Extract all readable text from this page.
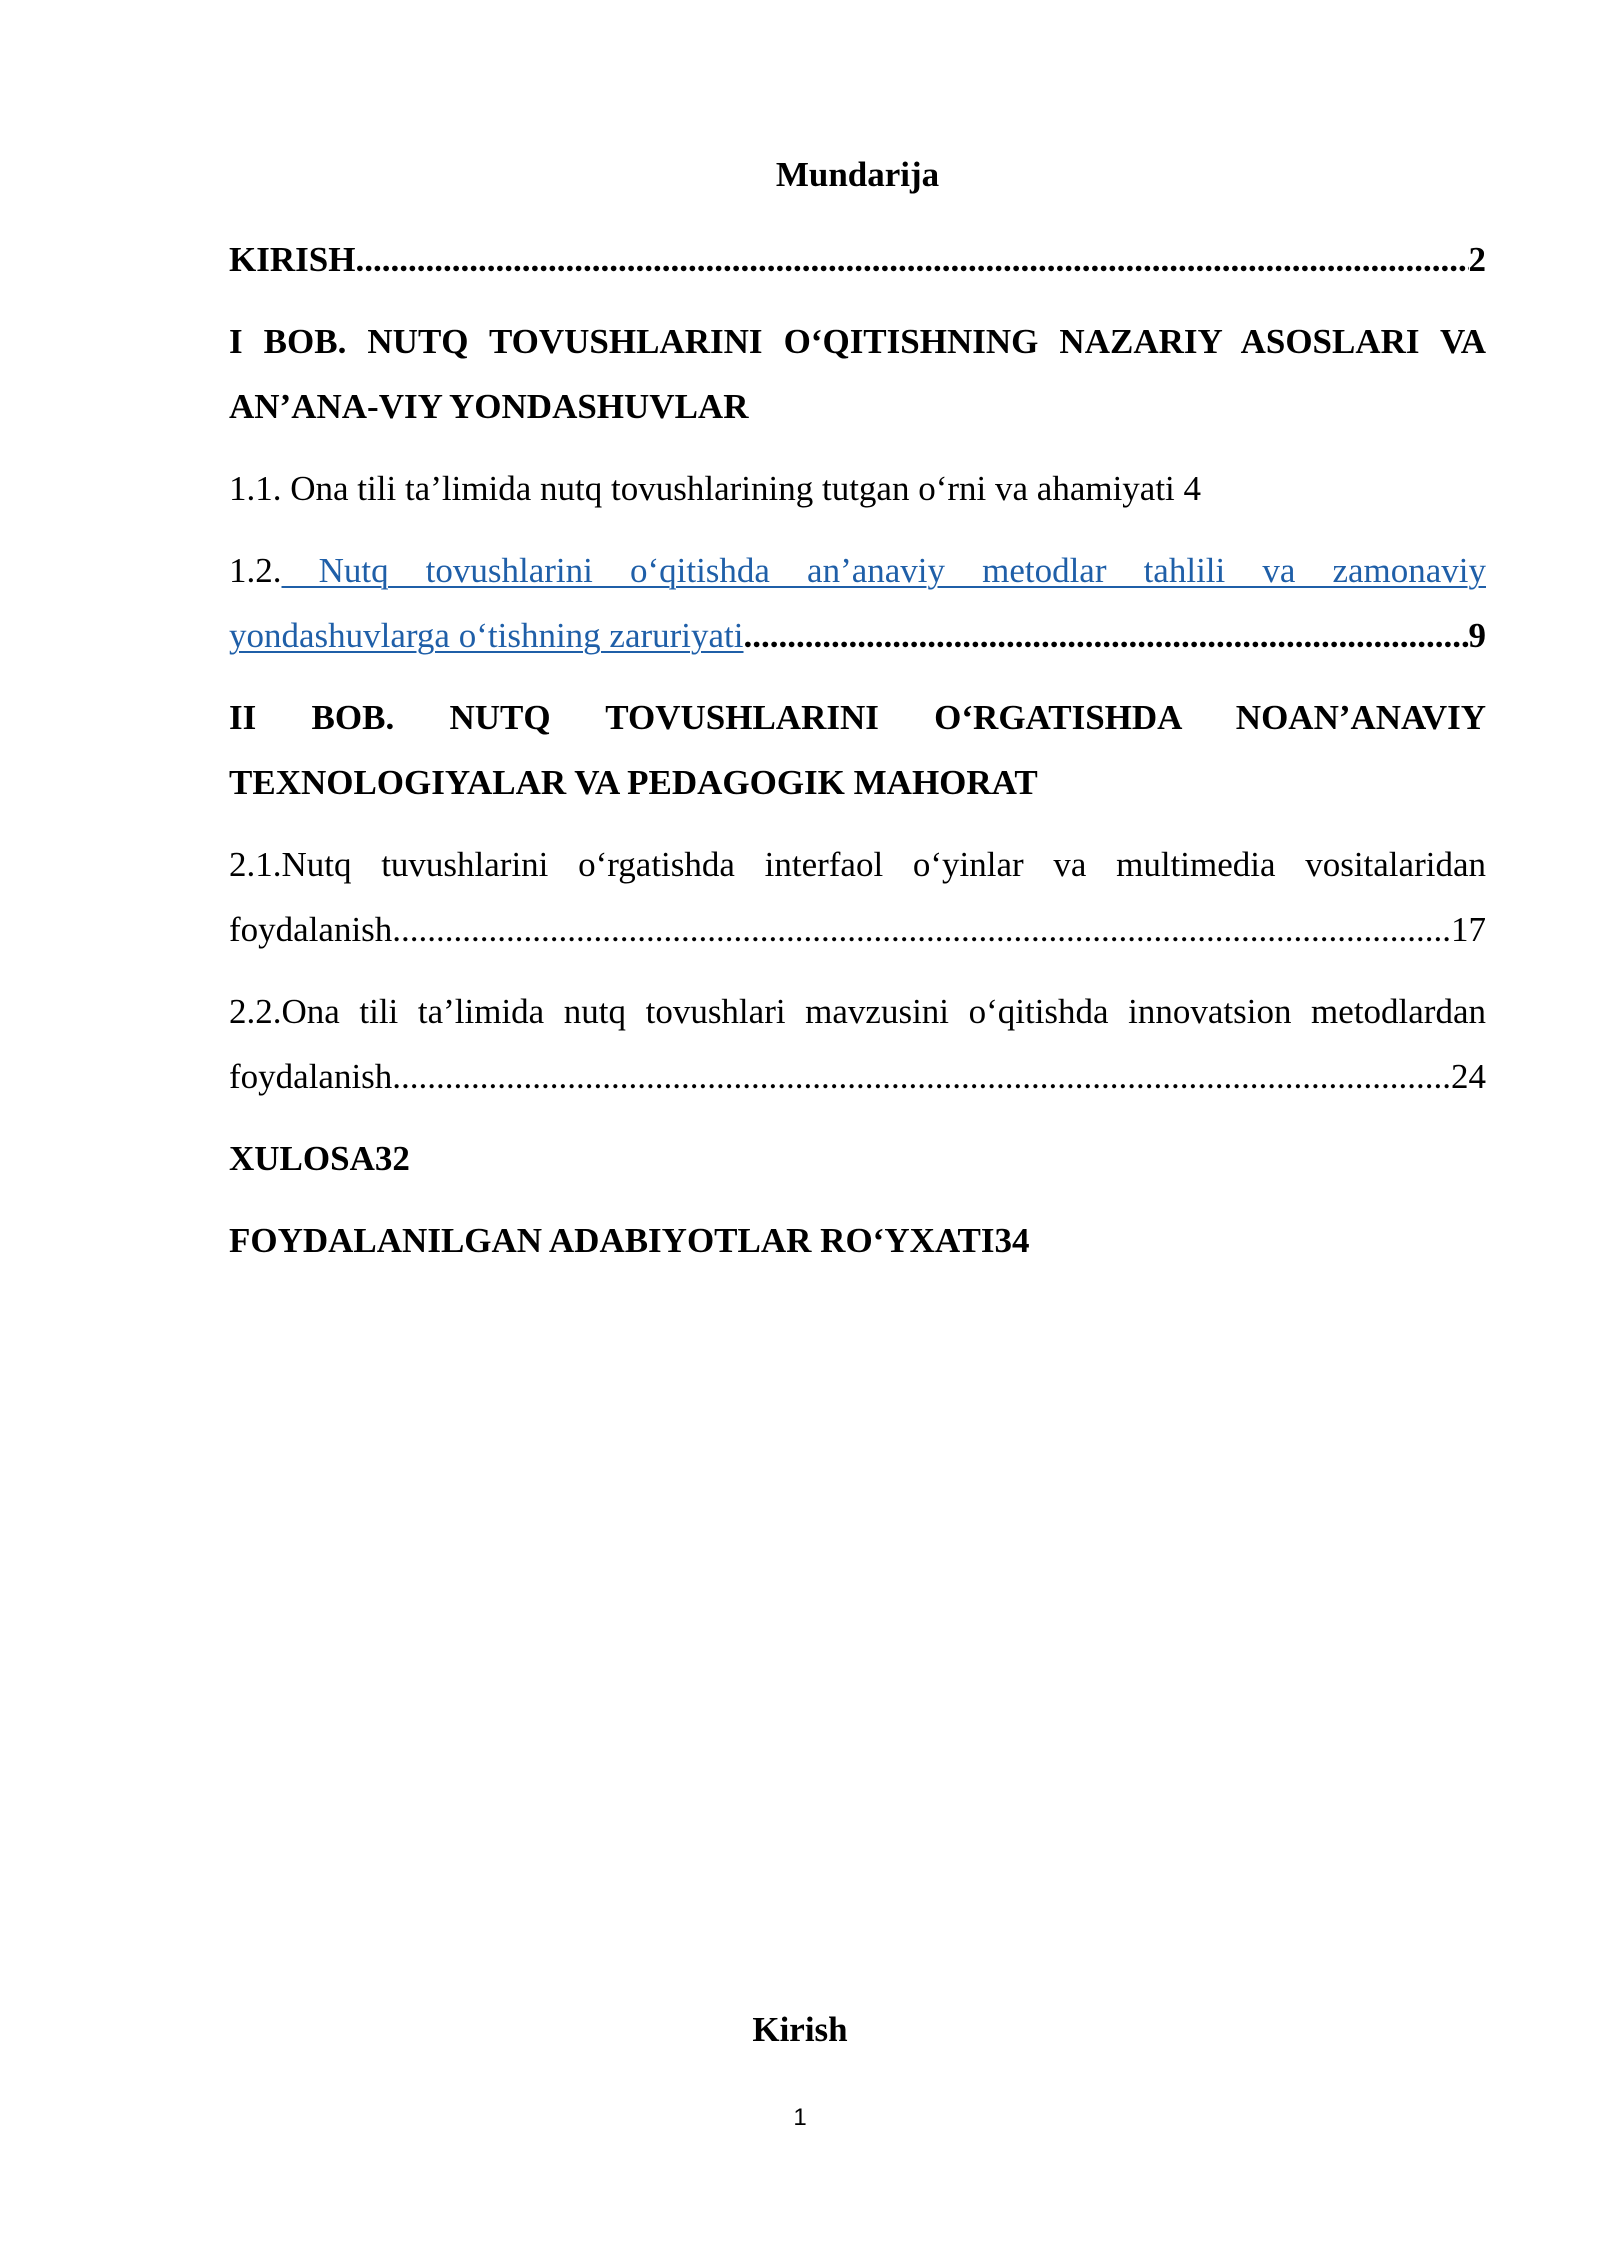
Mundarija
KIRISH .....	2
I BOB. NUTQ TOVUSHLARINI O‘QITISHNING NAZARIY ASOSLARI VA AN’ANA-VIY YONDASHUVLAR
1.1. Ona tili ta’limida nutq tovushlarining tutgan o‘rni va ahamiyati 4
1.2. Nutq tovushlarini o‘qitishda an’anaviy metodlar tahlili va zamonaviy
yondashuvlarga o‘tishning zaruriyati .....	9
II BOB. NUTQ TOVUSHLARINI O‘RGATISHDA NOAN’ANAVIY
TEXNOLOGIYALAR VA PEDAGOGIK MAHORAT
2.1.Nutq tuvushlarini o‘rgatishda interfaol o‘yinlar va multimedia vositalaridan
foydalanish .....	17
2.2.Ona tili ta’limida nutq tovushlari mavzusini o‘qitishda innovatsion metodlardan
foydalanish .....	24
XULOSA32
FOYDALANILGAN ADABIYOTLAR RO‘YXATI34
Kirish
1
